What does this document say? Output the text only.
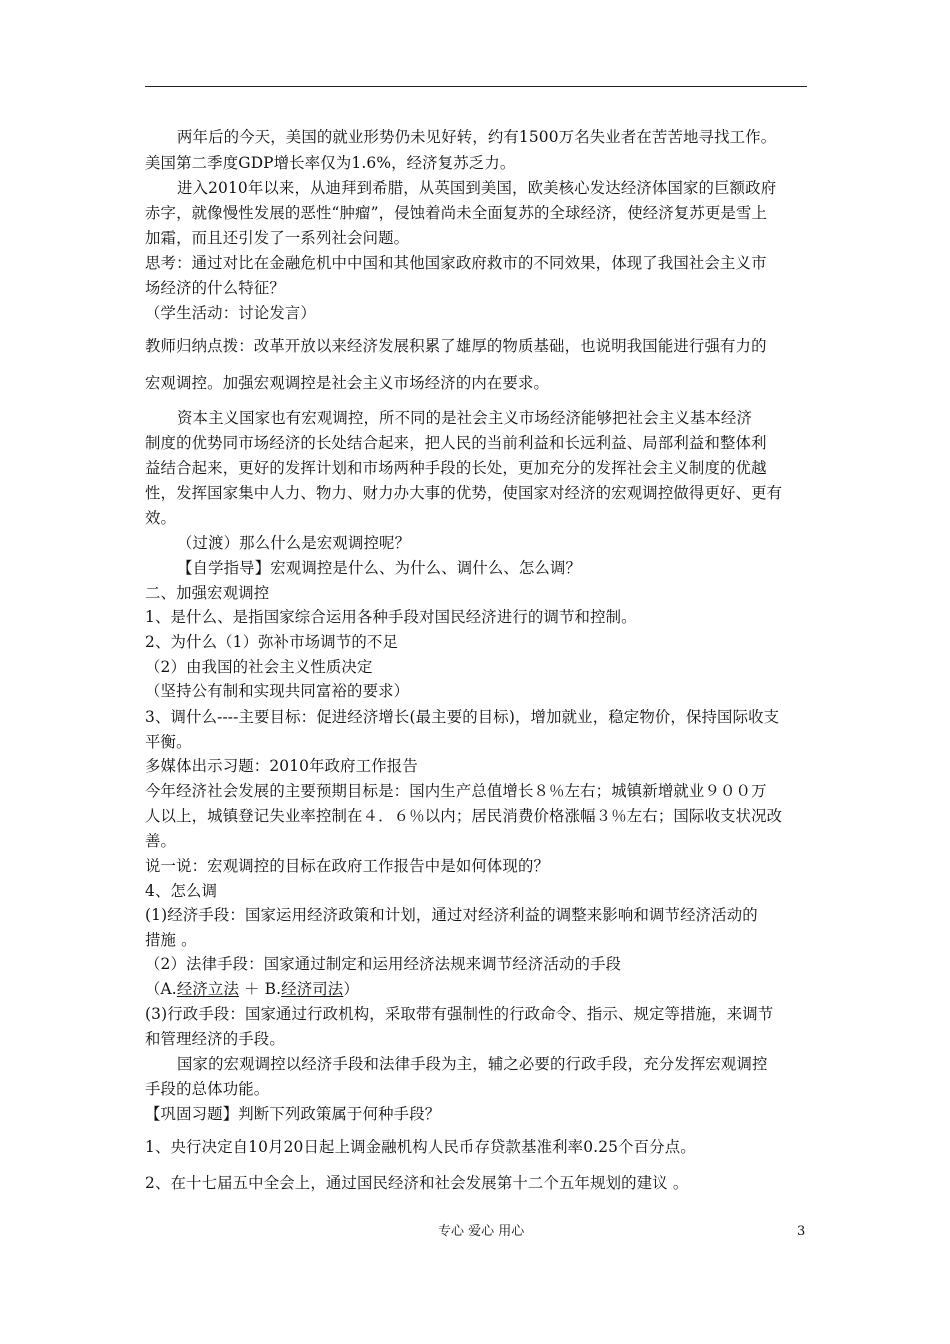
两年后的今天，美国的就业形势仍未见好转，约有1500万名失业者在苦苦地寻找工作。
美国第二季度GDP增长率仅为1.6%，经济复苏乏力。
进入2010年以来，从迪拜到希腊，从英国到美国，欧美核心发达经济体国家的巨额政府
赤字，就像慢性发展的恶性“肿瘤”，侵蚀着尚未全面复苏的全球经济，使经济复苏更是雪上
加霜，而且还引发了一系列社会问题。
思考：通过对比在金融危机中中国和其他国家政府救市的不同效果，体现了我国社会主义市
场经济的什么特征？
（学生活动：讨论发言）
教师归纳点拨：改革开放以来经济发展积累了雄厚的物质基础，也说明我国能进行强有力的
宏观调控。加强宏观调控是社会主义市场经济的内在要求。
资本主义国家也有宏观调控，所不同的是社会主义市场经济能够把社会主义基本经济
制度的优势同市场经济的长处结合起来，把人民的当前利益和长远利益、局部利益和整体利
益结合起来，更好的发挥计划和市场两种手段的长处，更加充分的发挥社会主义制度的优越
性，发挥国家集中人力、物力、财力办大事的优势，使国家对经济的宏观调控做得更好、更有
效。
（过渡）那么什么是宏观调控呢？
【自学指导】宏观调控是什么、为什么、调什么、怎么调？
二、加强宏观调控
1、是什么、是指国家综合运用各种手段对国民经济进行的调节和控制。
2、为什么（1）弥补市场调节的不足
（2）由我国的社会主义性质决定
（坚持公有制和实现共同富裕的要求）
3、调什么----主要目标：促进经济增长(最主要的目标)，增加就业，稳定物价，保持国际收支
平衡。
多媒体出示习题：2010年政府工作报告
今年经济社会发展的主要预期目标是：国内生产总值增长８％左右；城镇新增就业９００万
人以上，城镇登记失业率控制在４．６％以内；居民消费价格涨幅３％左右；国际收支状况改
善。
说一说：宏观调控的目标在政府工作报告中是如何体现的？
4、怎么调
(1)经济手段：国家运用经济政策和计划，通过对经济利益的调整来影响和调节经济活动的
措施 。
（2）法律手段：国家通过制定和运用经济法规来调节经济活动的手段
（A.经济立法 ＋ B.经济司法）
(3)行政手段：国家通过行政机构，采取带有强制性的行政命令、指示、规定等措施，来调节
和管理经济的手段。
国家的宏观调控以经济手段和法律手段为主，辅之必要的行政手段，充分发挥宏观调控
手段的总体功能。
【巩固习题】判断下列政策属于何种手段？
1、央行决定自10月20日起上调金融机构人民币存贷款基准利率0.25个百分点。
2、在十七届五中全会上，通过国民经济和社会发展第十二个五年规划的建议 。
专心 爱心 用心	3
